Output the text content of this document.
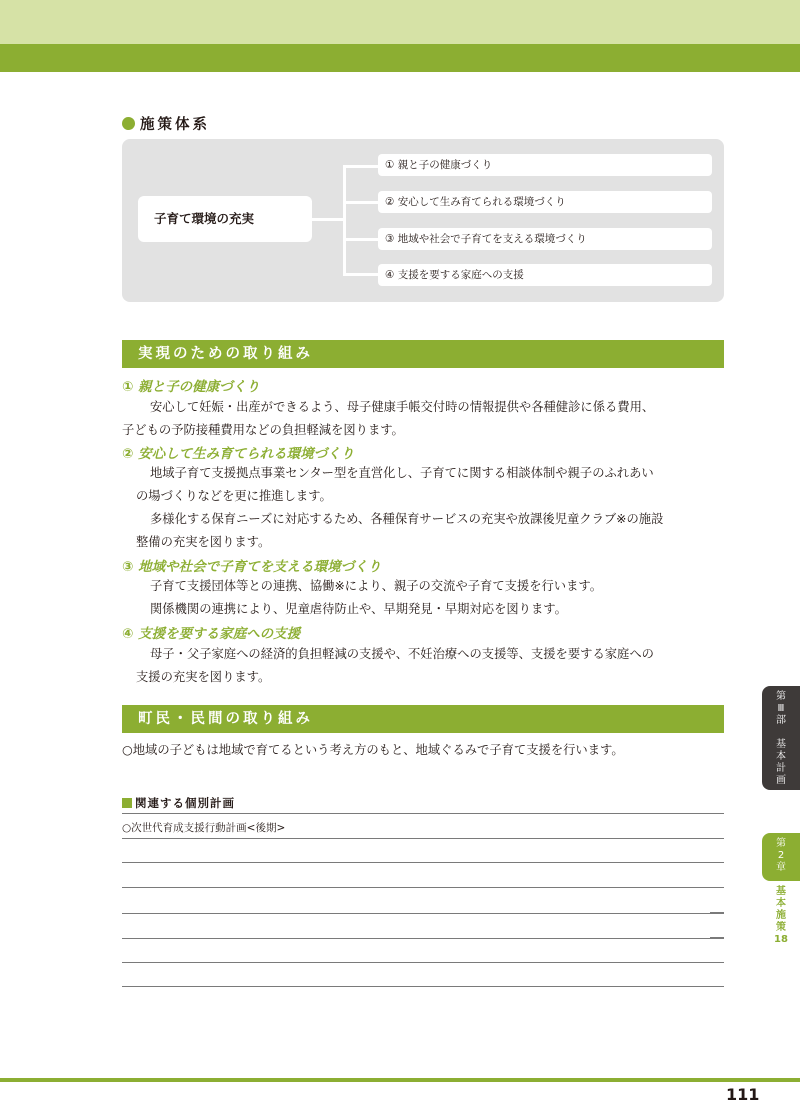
施策体系
子育て環境の充実
① 親と子の健康づくり
② 安心して生み育てられる環境づくり
③ 地域や社会で子育てを支える環境づくり
④ 支援を要する家庭への支援
実現のための取り組み
① 親と子の健康づくり
安心して妊娠・出産ができるよう、母子健康手帳交付時の情報提供や各種健診に係る費用、
子どもの予防接種費用などの負担軽減を図ります。
② 安心して生み育てられる環境づくり
地域子育て支援拠点事業センター型を直営化し、子育てに関する相談体制や親子のふれあい
の場づくりなどを更に推進します。
多様化する保育ニーズに対応するため、各種保育サービスの充実や放課後児童クラブ※の施設
整備の充実を図ります。
③ 地域や社会で子育てを支える環境づくり
子育て支援団体等との連携、協働※により、親子の交流や子育て支援を行います。
関係機関の連携により、児童虐待防止や、早期発見・早期対応を図ります。
④ 支援を要する家庭への支援
母子・父子家庭への経済的負担軽減の支援や、不妊治療への支援等、支援を要する家庭への
支援の充実を図ります。
町民・民間の取り組み
○地域の子どもは地域で育てるという考え方のもと、地域ぐるみで子育て支援を行います。
関連する個別計画
○次世代育成支援行動計画<後期>
第
Ⅲ
部

基
本
計
画
第
2
章
基
本
施
策
18
111
